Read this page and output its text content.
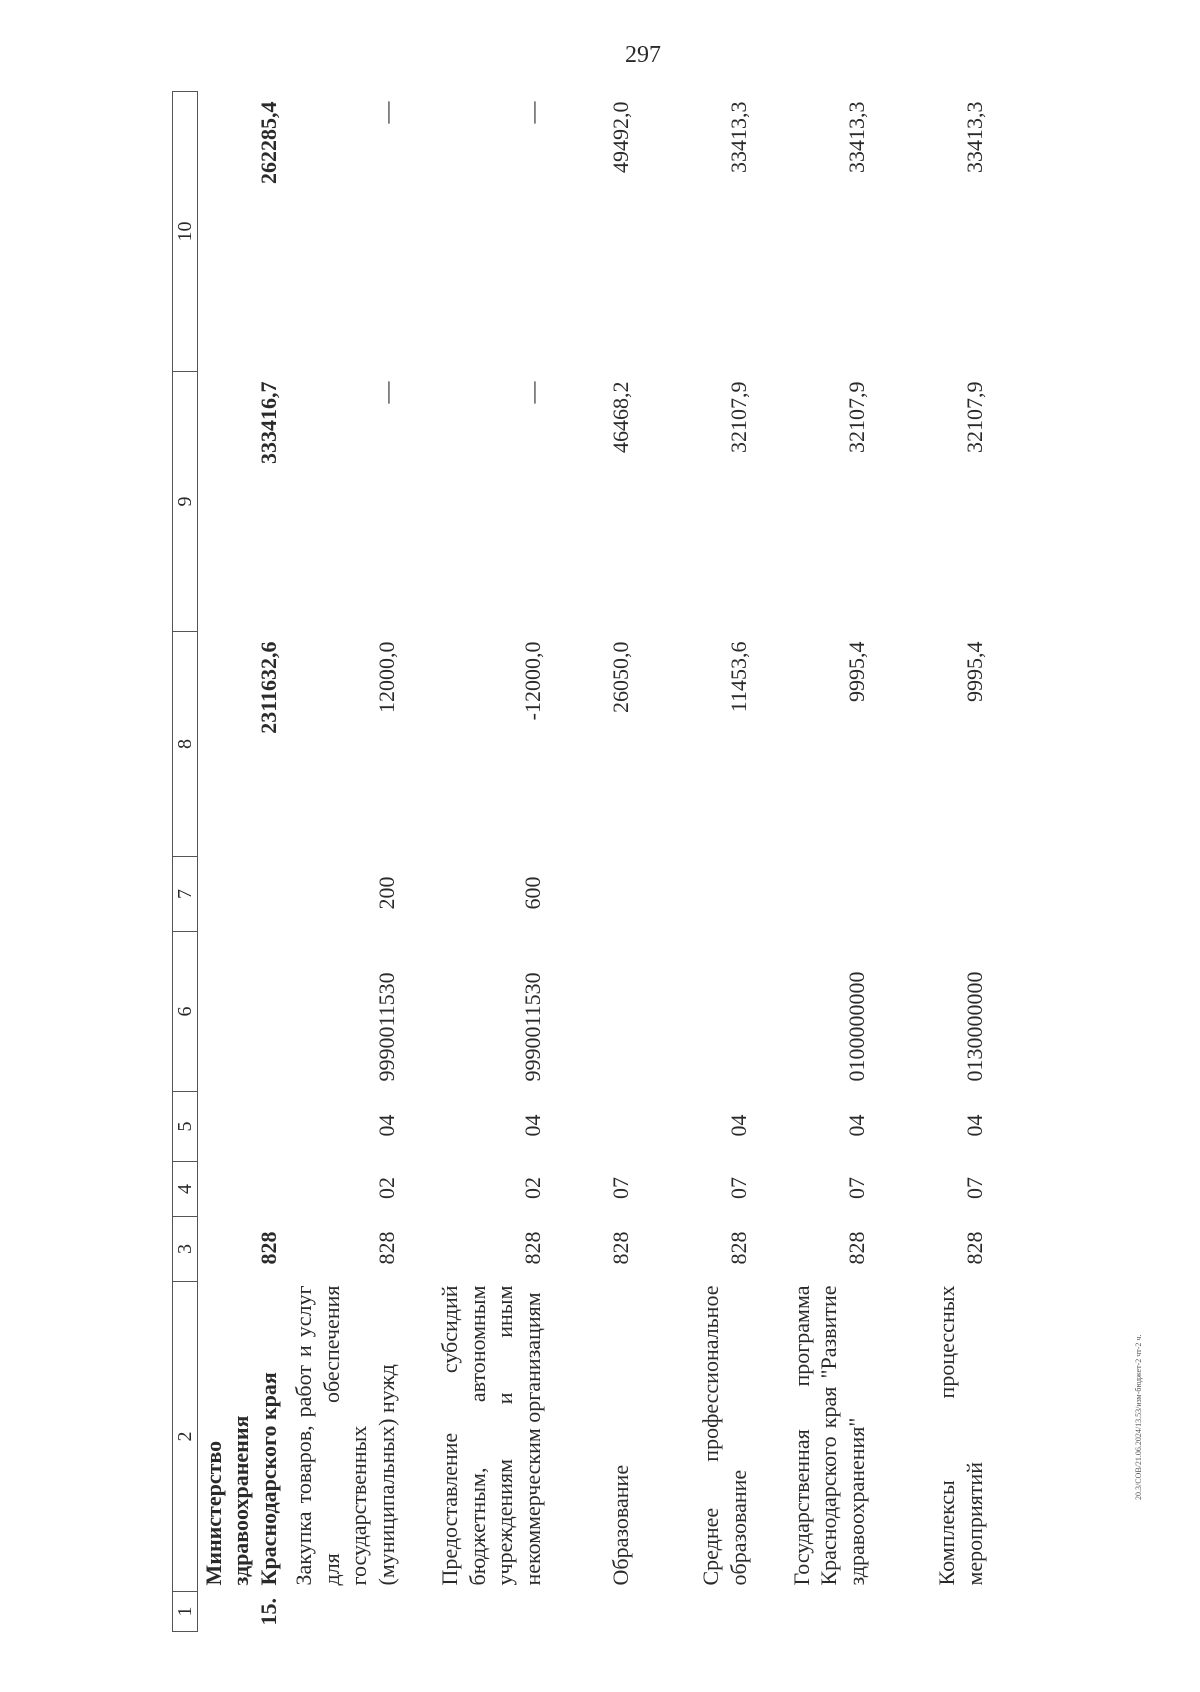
297
20.3/СОВ/21.06.2024/13.53/изм-бюджет-2 чт-2 ч.
1	2	3	4	5	6	7	8	9	10
15.	Министерство здравоохранения Краснодарского края	828					2311632,6	333416,7	262285,4
	Закупка товаров, работ и услуг для обеспечения государственных (муниципальных) нужд	828	02	04	9990011530	200	12000,0	—	—
	Предоставление субсидий бюджетным, автономным учреждениям и иным некоммерческим организациям	828	02	04	9990011530	600	-12000,0	—	—
	Образование	828	07				26050,0	46468,2	49492,0
	Среднее профессиональное образование	828	07	04			11453,6	32107,9	33413,3
	Государственная программа Краснодарского края "Развитие здравоохранения"	828	07	04	0100000000		9995,4	32107,9	33413,3
	Комплексы процессных мероприятий	828	07	04	0130000000		9995,4	32107,9	33413,3
